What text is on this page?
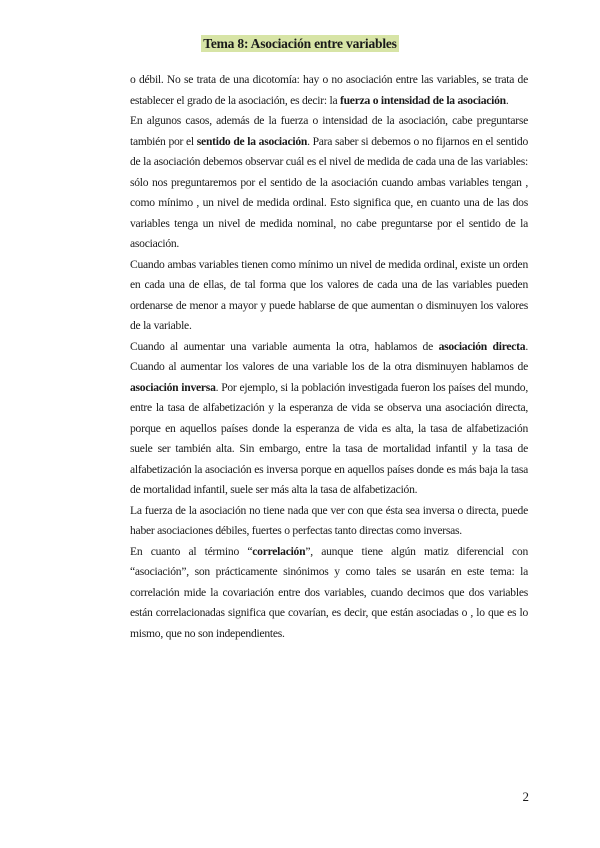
Tema 8: Asociación entre variables

o débil. No se trata de una dicotomía: hay o no asociación entre las variables, se trata de establecer el grado de la asociación, es decir: la fuerza o intensidad de la asociación.

En algunos casos, además de la fuerza o intensidad de la asociación, cabe preguntarse también por el sentido de la asociación. Para saber si debemos o no fijarnos en el sentido de la asociación debemos observar cuál es el nivel de medida de cada una de las variables: sólo nos preguntaremos por el sentido de la asociación cuando ambas variables tengan , como mínimo , un nivel de medida ordinal. Esto significa que, en cuanto una de las dos variables tenga un nivel de medida nominal, no cabe preguntarse por el sentido de la asociación.

Cuando ambas variables tienen como mínimo un nivel de medida ordinal, existe un orden en cada una de ellas, de tal forma que los valores de cada una de las variables pueden ordenarse de menor a mayor y puede hablarse de que aumentan o disminuyen los valores de la variable.

Cuando al aumentar una variable aumenta la otra, hablamos de asociación directa. Cuando al aumentar los valores de una variable los de la otra disminuyen hablamos de asociación inversa. Por ejemplo, si la población investigada fueron los países del mundo, entre la tasa de alfabetización y la esperanza de vida se observa una asociación directa, porque en aquellos países donde la esperanza de vida es alta, la tasa de alfabetización suele ser también alta. Sin embargo, entre la tasa de mortalidad infantil y la tasa de alfabetización la asociación es inversa porque en aquellos países donde es más baja la tasa de mortalidad infantil, suele ser más alta la tasa de alfabetización.

La fuerza de la asociación no tiene nada que ver con que ésta sea inversa o directa, puede haber asociaciones débiles, fuertes o perfectas tanto directas como inversas.

En cuanto al término “correlación”, aunque tiene algún matiz diferencial con “asociación”, son prácticamente sinónimos y como tales se usarán en este tema: la correlación mide la covariación entre dos variables, cuando decimos que dos variables están correlacionadas significa que covarían, es decir, que están asociadas o , lo que es lo mismo, que no son independientes.

2
